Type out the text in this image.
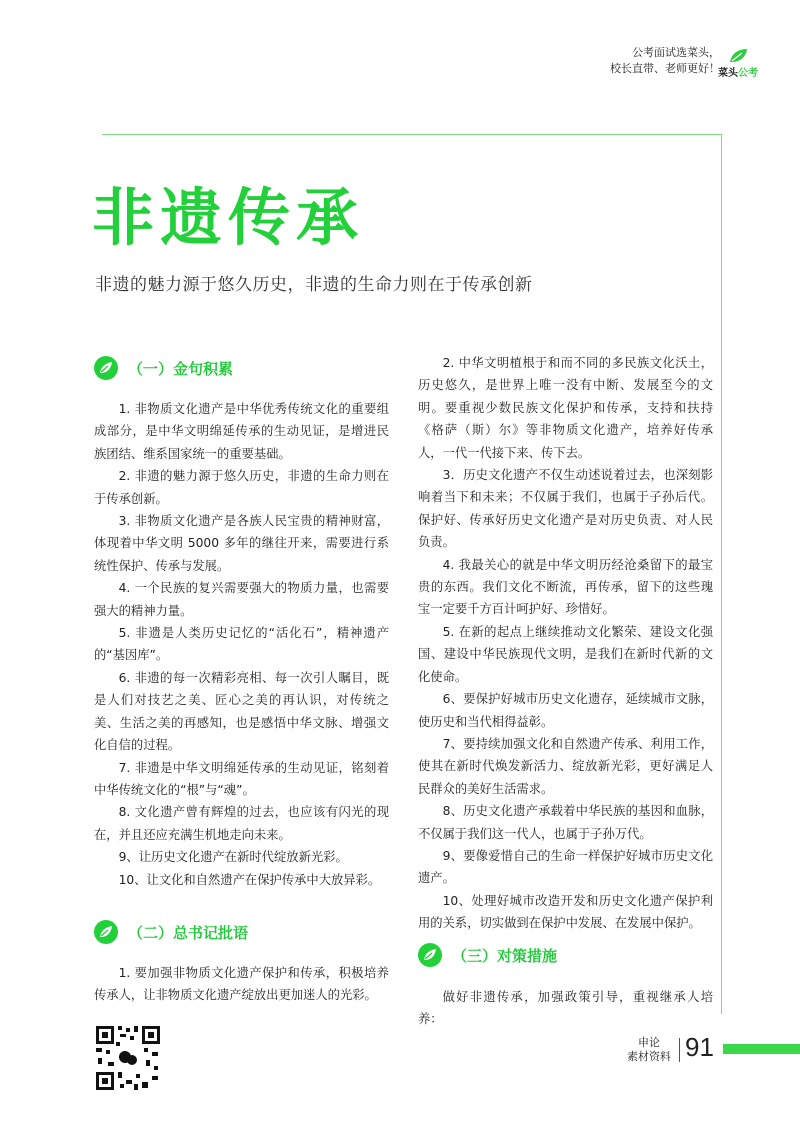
公考面试选菜头，
校长直带、老师更好！
菜头公考
非遗传承
非遗的魅力源于悠久历史，非遗的生命力则在于传承创新
（一）金句积累

1. 非物质文化遗产是中华优秀传统文化的重要组成部分，是中华文明绵延传承的生动见证，是增进民族团结、维系国家统一的重要基础。

2. 非遗的魅力源于悠久历史，非遗的生命力则在于传承创新。

3. 非物质文化遗产是各族人民宝贵的精神财富，体现着中华文明 5000 多年的继往开来，需要进行系统性保护、传承与发展。

4. 一个民族的复兴需要强大的物质力量，也需要强大的精神力量。

5. 非遗是人类历史记忆的“活化石”，精神遗产的“基因库”。

6. 非遗的每一次精彩亮相、每一次引人瞩目，既是人们对技艺之美、匠心之美的再认识，对传统之美、生活之美的再感知，也是感悟中华文脉、增强文化自信的过程。

7. 非遗是中华文明绵延传承的生动见证，铭刻着中华传统文化的“根”与“魂”。

8. 文化遗产曾有辉煌的过去，也应该有闪光的现在，并且还应充满生机地走向未来。

9、让历史文化遗产在新时代绽放新光彩。

10、让文化和自然遗产在保护传承中大放异彩。

（二）总书记批语

1. 要加强非物质文化遗产保护和传承，积极培养传承人，让非物质文化遗产绽放出更加迷人的光彩。

2. 中华文明植根于和而不同的多民族文化沃土，历史悠久，是世界上唯一没有中断、发展至今的文明。要重视少数民族文化保护和传承，支持和扶持《格萨（斯）尔》等非物质文化遗产，培养好传承人，一代一代接下来、传下去。

3．历史文化遗产不仅生动述说着过去，也深刻影响着当下和未来；不仅属于我们，也属于子孙后代。保护好、传承好历史文化遗产是对历史负责、对人民负责。

4. 我最关心的就是中华文明历经沧桑留下的最宝贵的东西。我们文化不断流，再传承，留下的这些瑰宝一定要千方百计呵护好、珍惜好。

5. 在新的起点上继续推动文化繁荣、建设文化强国、建设中华民族现代文明，是我们在新时代新的文化使命。

6、要保护好城市历史文化遗存，延续城市文脉，使历史和当代相得益彰。

7、要持续加强文化和自然遗产传承、利用工作，使其在新时代焕发新活力、绽放新光彩，更好满足人民群众的美好生活需求。

8、历史文化遗产承载着中华民族的基因和血脉，不仅属于我们这一代人，也属于子孙万代。

9、要像爱惜自己的生命一样保护好城市历史文化遗产。

10、处理好城市改造开发和历史文化遗产保护利用的关系，切实做到在保护中发展、在发展中保护。

（三）对策措施

做好非遗传承，加强政策引导，重视继承人培养：

申论
素材资料 91
